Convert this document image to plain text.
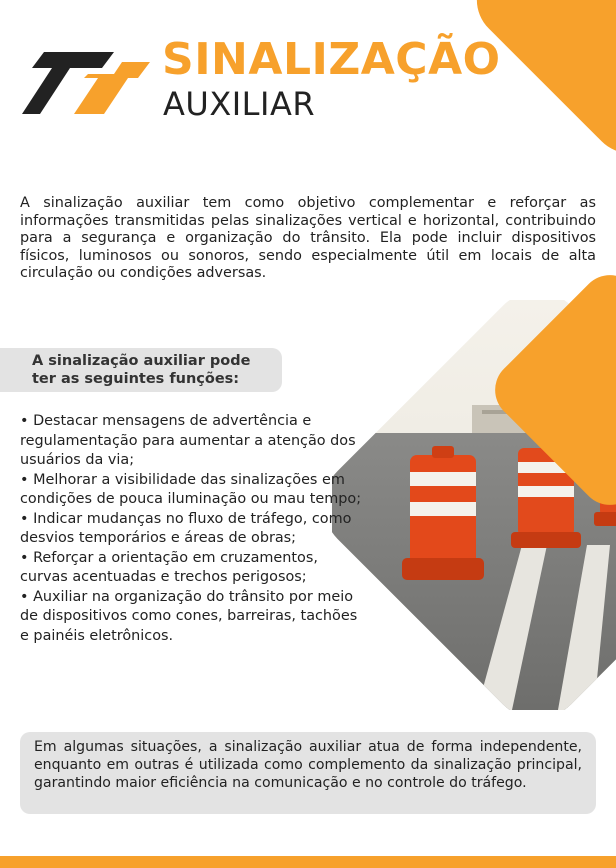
SINALIZAÇÃO
AUXILIAR

A sinalização auxiliar tem como objetivo complementar e reforçar as informações transmitidas pelas sinalizações vertical e horizontal, contribuindo para a segurança e organização do trânsito. Ela pode incluir dispositivos físicos, luminosos ou sonoros, sendo especialmente útil em locais de alta circulação ou condições adversas.

A sinalização auxiliar pode ter as seguintes funções:
• Destacar mensagens de advertência e regulamentação para aumentar a atenção dos usuários da via;
• Melhorar a visibilidade das sinalizações em condições de pouca iluminação ou mau tempo;
• Indicar mudanças no fluxo de tráfego, como desvios temporários e áreas de obras;
• Reforçar a orientação em cruzamentos, curvas acentuadas e trechos perigosos;
• Auxiliar na organização do trânsito por meio de dispositivos como cones, barreiras, tachões e painéis eletrônicos.

Em algumas situações, a sinalização auxiliar atua de forma independente, enquanto em outras é utilizada como complemento da sinalização principal, garantindo maior eficiência na comunicação e no controle do tráfego.
